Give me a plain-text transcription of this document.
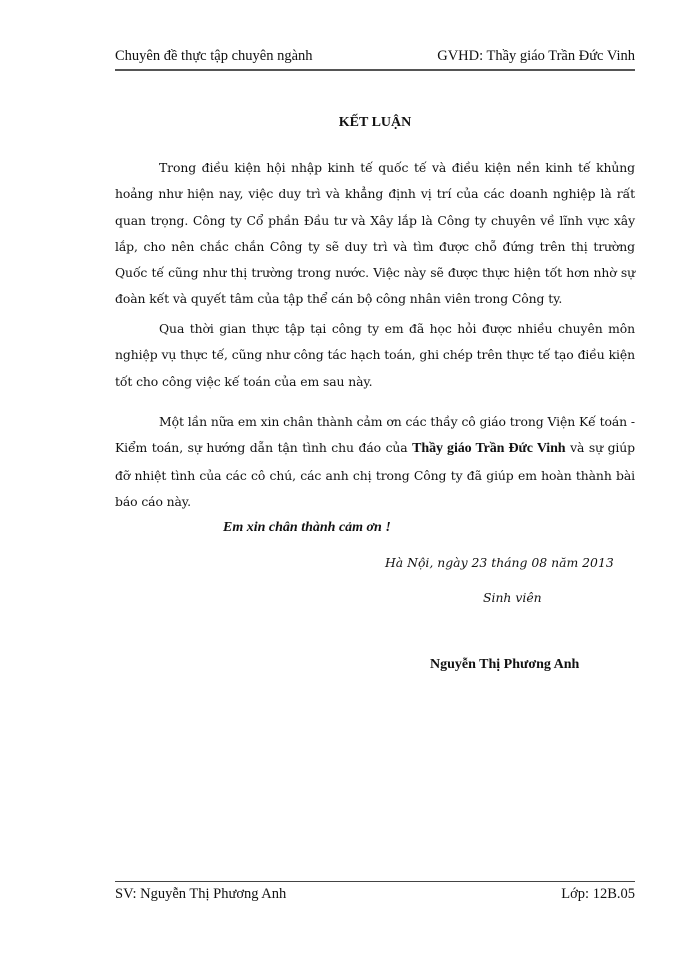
Chuyên đề thực tập chuyên ngành	GVHD: Thầy giáo Trần Đức Vinh
KẾT LUẬN
Trong điều kiện hội nhập kinh tế quốc tế và điều kiện nền kinh tế khủng hoảng như hiện nay, việc duy trì và khẳng định vị trí của các doanh nghiệp là rất quan trọng. Công ty Cổ phần Đầu tư và Xây lắp là Công ty chuyên về lĩnh vực xây lắp, cho nên chắc chắn Công ty sẽ duy trì và tìm được chỗ đứng trên thị trường Quốc tế cũng như thị trường trong nước. Việc này sẽ được thực hiện tốt hơn nhờ sự đoàn kết và quyết tâm của tập thể cán bộ công nhân viên trong Công ty.
Qua thời gian thực tập tại công ty em đã học hỏi được nhiều chuyên môn nghiệp vụ thực tế, cũng như công tác hạch toán, ghi chép trên thực tế tạo điều kiện tốt cho công việc kế toán của em sau này.
Một lần nữa em xin chân thành cảm ơn các thầy cô giáo trong Viện Kế toán - Kiểm toán, sự hướng dẫn tận tình chu đáo của Thầy giáo Trần Đức Vinh và sự giúp đỡ nhiệt tình của các cô chú, các anh chị trong Công ty đã giúp em hoàn thành bài báo cáo này.
Em xin chân thành cảm ơn !
Hà Nội, ngày 23 tháng 08 năm 2013
Sinh viên
Nguyễn Thị Phương Anh
SV: Nguyễn Thị Phương Anh	Lớp: 12B.05
